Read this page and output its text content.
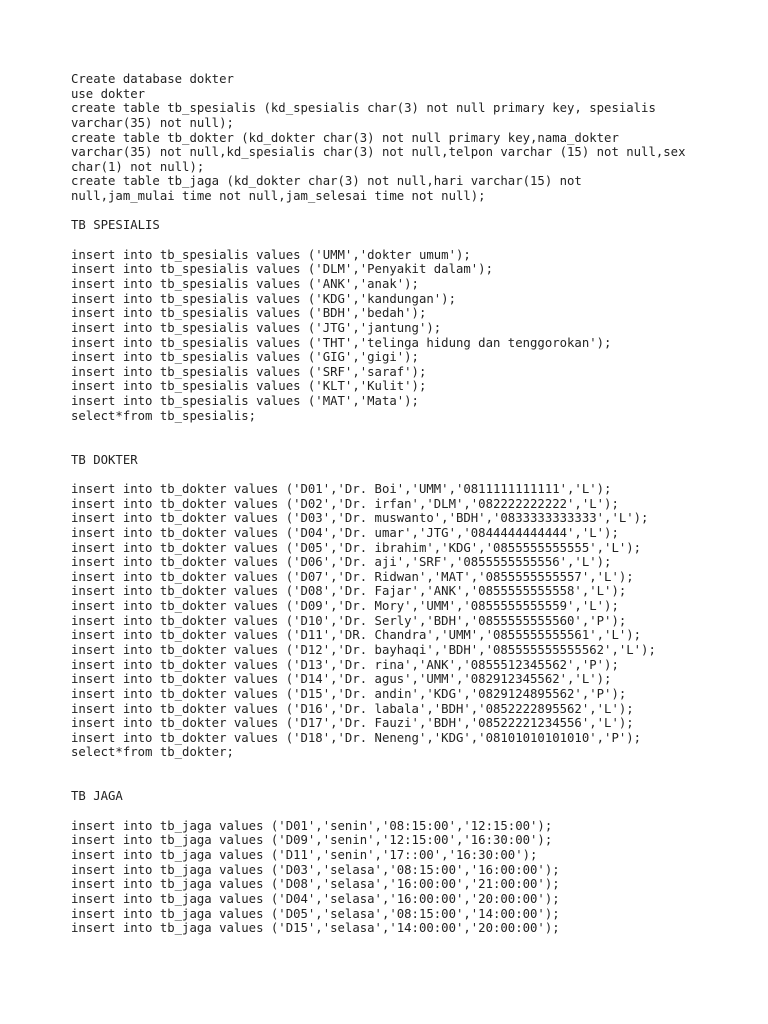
Create database dokter
use dokter
create table tb_spesialis (kd_spesialis char(3) not null primary key, spesialis
varchar(35) not null);
create table tb_dokter (kd_dokter char(3) not null primary key,nama_dokter
varchar(35) not null,kd_spesialis char(3) not null,telpon varchar (15) not null,sex
char(1) not null);
create table tb_jaga (kd_dokter char(3) not null,hari varchar(15) not
null,jam_mulai time not null,jam_selesai time not null);
TB SPESIALIS
insert into tb_spesialis values ('UMM','dokter umum');
insert into tb_spesialis values ('DLM','Penyakit dalam');
insert into tb_spesialis values ('ANK','anak');
insert into tb_spesialis values ('KDG','kandungan');
insert into tb_spesialis values ('BDH','bedah');
insert into tb_spesialis values ('JTG','jantung');
insert into tb_spesialis values ('THT','telinga hidung dan tenggorokan');
insert into tb_spesialis values ('GIG','gigi');
insert into tb_spesialis values ('SRF','saraf');
insert into tb_spesialis values ('KLT','Kulit');
insert into tb_spesialis values ('MAT','Mata');
select*from tb_spesialis;
TB DOKTER
insert into tb_dokter values ('D01','Dr. Boi','UMM','0811111111111','L');
insert into tb_dokter values ('D02','Dr. irfan','DLM','082222222222','L');
insert into tb_dokter values ('D03','Dr. muswanto','BDH','0833333333333','L');
insert into tb_dokter values ('D04','Dr. umar','JTG','0844444444444','L');
insert into tb_dokter values ('D05','Dr. ibrahim','KDG','0855555555555','L');
insert into tb_dokter values ('D06','Dr. aji','SRF','0855555555556','L');
insert into tb_dokter values ('D07','Dr. Ridwan','MAT','0855555555557','L');
insert into tb_dokter values ('D08','Dr. Fajar','ANK','0855555555558','L');
insert into tb_dokter values ('D09','Dr. Mory','UMM','0855555555559','L');
insert into tb_dokter values ('D10','Dr. Serly','BDH','0855555555560','P');
insert into tb_dokter values ('D11','DR. Chandra','UMM','0855555555561','L');
insert into tb_dokter values ('D12','Dr. bayhaqi','BDH','085555555555562','L');
insert into tb_dokter values ('D13','Dr. rina','ANK','0855512345562','P');
insert into tb_dokter values ('D14','Dr. agus','UMM','082912345562','L');
insert into tb_dokter values ('D15','Dr. andin','KDG','0829124895562','P');
insert into tb_dokter values ('D16','Dr. labala','BDH','0852222895562','L');
insert into tb_dokter values ('D17','Dr. Fauzi','BDH','08522221234556','L');
insert into tb_dokter values ('D18','Dr. Neneng','KDG','08101010101010','P');
select*from tb_dokter;
TB JAGA
insert into tb_jaga values ('D01','senin','08:15:00','12:15:00');
insert into tb_jaga values ('D09','senin','12:15:00','16:30:00');
insert into tb_jaga values ('D11','senin','17::00','16:30:00');
insert into tb_jaga values ('D03','selasa','08:15:00','16:00:00');
insert into tb_jaga values ('D08','selasa','16:00:00','21:00:00');
insert into tb_jaga values ('D04','selasa','16:00:00','20:00:00');
insert into tb_jaga values ('D05','selasa','08:15:00','14:00:00');
insert into tb_jaga values ('D15','selasa','14:00:00','20:00:00');
